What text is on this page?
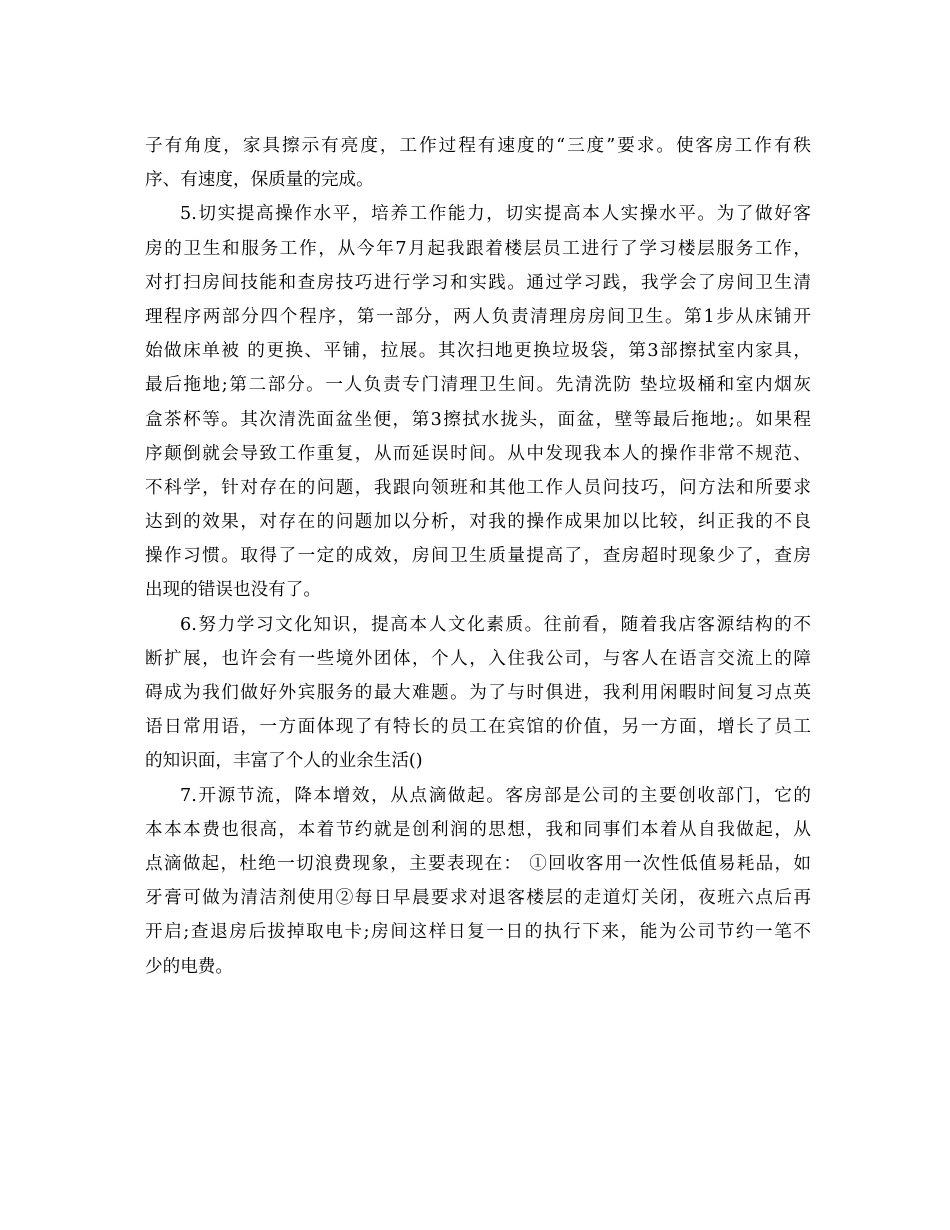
子有角度，家具擦示有亮度，工作过程有速度的“三度”要求。使客房工作有秩
序、有速度，保质量的完成。
5.切实提高操作水平，培养工作能力，切实提高本人实操水平。为了做好客
房的卫生和服务工作，从今年7月起我跟着楼层员工进行了学习楼层服务工作，
对打扫房间技能和查房技巧进行学习和实践。通过学习践，我学会了房间卫生清
理程序两部分四个程序，第一部分，两人负责清理房房间卫生。第1步从床铺开
始做床单被 的更换、平铺，拉展。其次扫地更换垃圾袋，第3部擦拭室内家具，
最后拖地;第二部分。一人负责专门清理卫生间。先清洗防 垫垃圾桶和室内烟灰
盒茶杯等。其次清洗面盆坐便，第3擦拭水拢头，面盆，壁等最后拖地;。如果程
序颠倒就会导致工作重复，从而延误时间。从中发现我本人的操作非常不规范、
不科学，针对存在的问题，我跟向领班和其他工作人员问技巧，问方法和所要求
达到的效果，对存在的问题加以分析，对我的操作成果加以比较，纠正我的不良
操作习惯。取得了一定的成效，房间卫生质量提高了，查房超时现象少了，查房
出现的错误也没有了。
6.努力学习文化知识，提高本人文化素质。往前看，随着我店客源结构的不
断扩展，也许会有一些境外团体，个人，入住我公司，与客人在语言交流上的障
碍成为我们做好外宾服务的最大难题。为了与时俱进，我利用闲暇时间复习点英
语日常用语，一方面体现了有特长的员工在宾馆的价值，另一方面，增长了员工
的知识面，丰富了个人的业余生活()
7.开源节流，降本增效，从点滴做起。客房部是公司的主要创收部门，它的
本本本费也很高，本着节约就是创利润的思想，我和同事们本着从自我做起，从
点滴做起，杜绝一切浪费现象，主要表现在： ①回收客用一次性低值易耗品，如
牙膏可做为清洁剂使用②每日早晨要求对退客楼层的走道灯关闭，夜班六点后再
开启;查退房后拔掉取电卡;房间这样日复一日的执行下来，能为公司节约一笔不
少的电费。
